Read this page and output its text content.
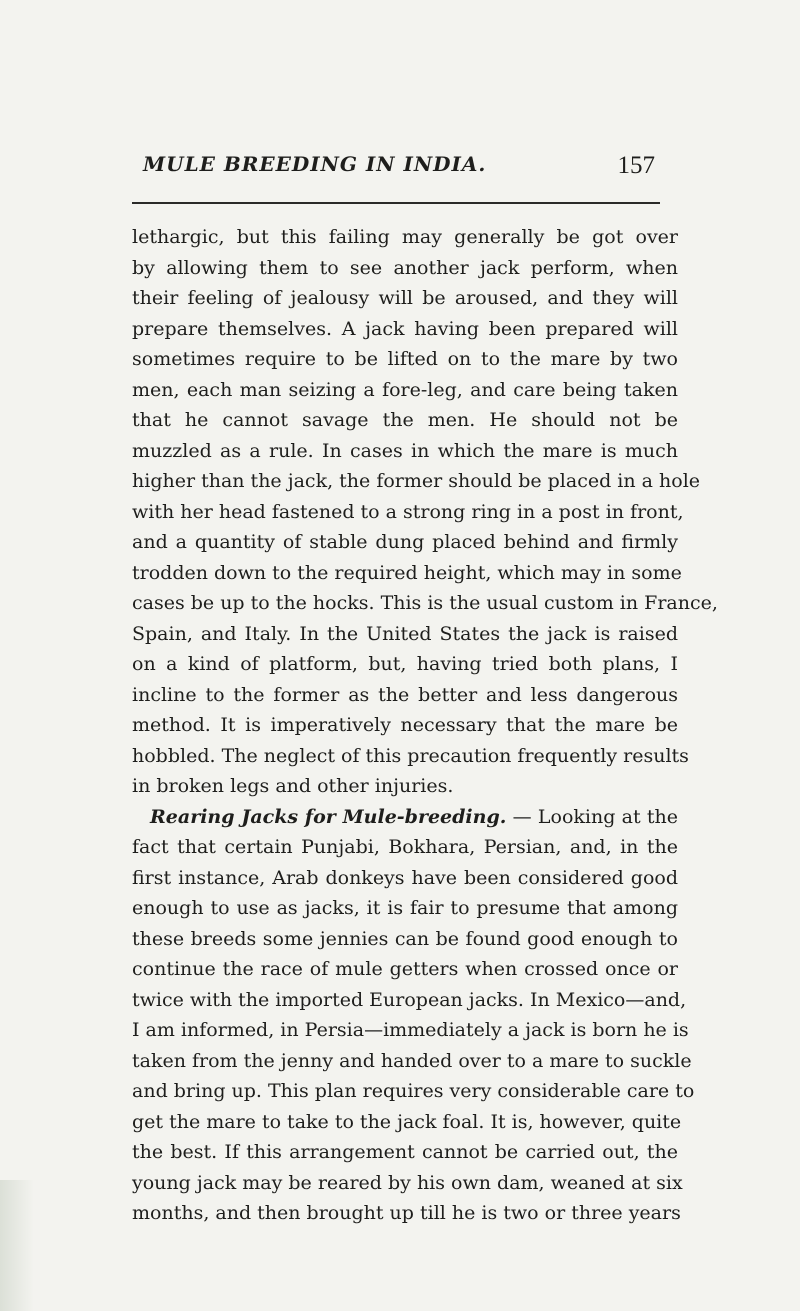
MULE BREEDING IN INDIA.	157
lethargic, but this failing may generally be got over
by allowing them to see another jack perform, when
their feeling of jealousy will be aroused, and they will
prepare themselves. A jack having been prepared will
sometimes require to be lifted on to the mare by two
men, each man seizing a fore-leg, and care being taken
that he cannot savage the men. He should not be
muzzled as a rule. In cases in which the mare is much
higher than the jack, the former should be placed in a hole
with her head fastened to a strong ring in a post in front,
and a quantity of stable dung placed behind and firmly
trodden down to the required height, which may in some
cases be up to the hocks. This is the usual custom in France,
Spain, and Italy. In the United States the jack is raised
on a kind of platform, but, having tried both plans, I
incline to the former as the better and less dangerous
method. It is imperatively necessary that the mare be
hobbled. The neglect of this precaution frequently results
in broken legs and other injuries.
Rearing Jacks for Mule-breeding. — Looking at the
fact that certain Punjabi, Bokhara, Persian, and, in the
first instance, Arab donkeys have been considered good
enough to use as jacks, it is fair to presume that among
these breeds some jennies can be found good enough to
continue the race of mule getters when crossed once or
twice with the imported European jacks. In Mexico—and,
I am informed, in Persia—immediately a jack is born he is
taken from the jenny and handed over to a mare to suckle
and bring up. This plan requires very considerable care to
get the mare to take to the jack foal. It is, however, quite
the best. If this arrangement cannot be carried out, the
young jack may be reared by his own dam, weaned at six
months, and then brought up till he is two or three years
